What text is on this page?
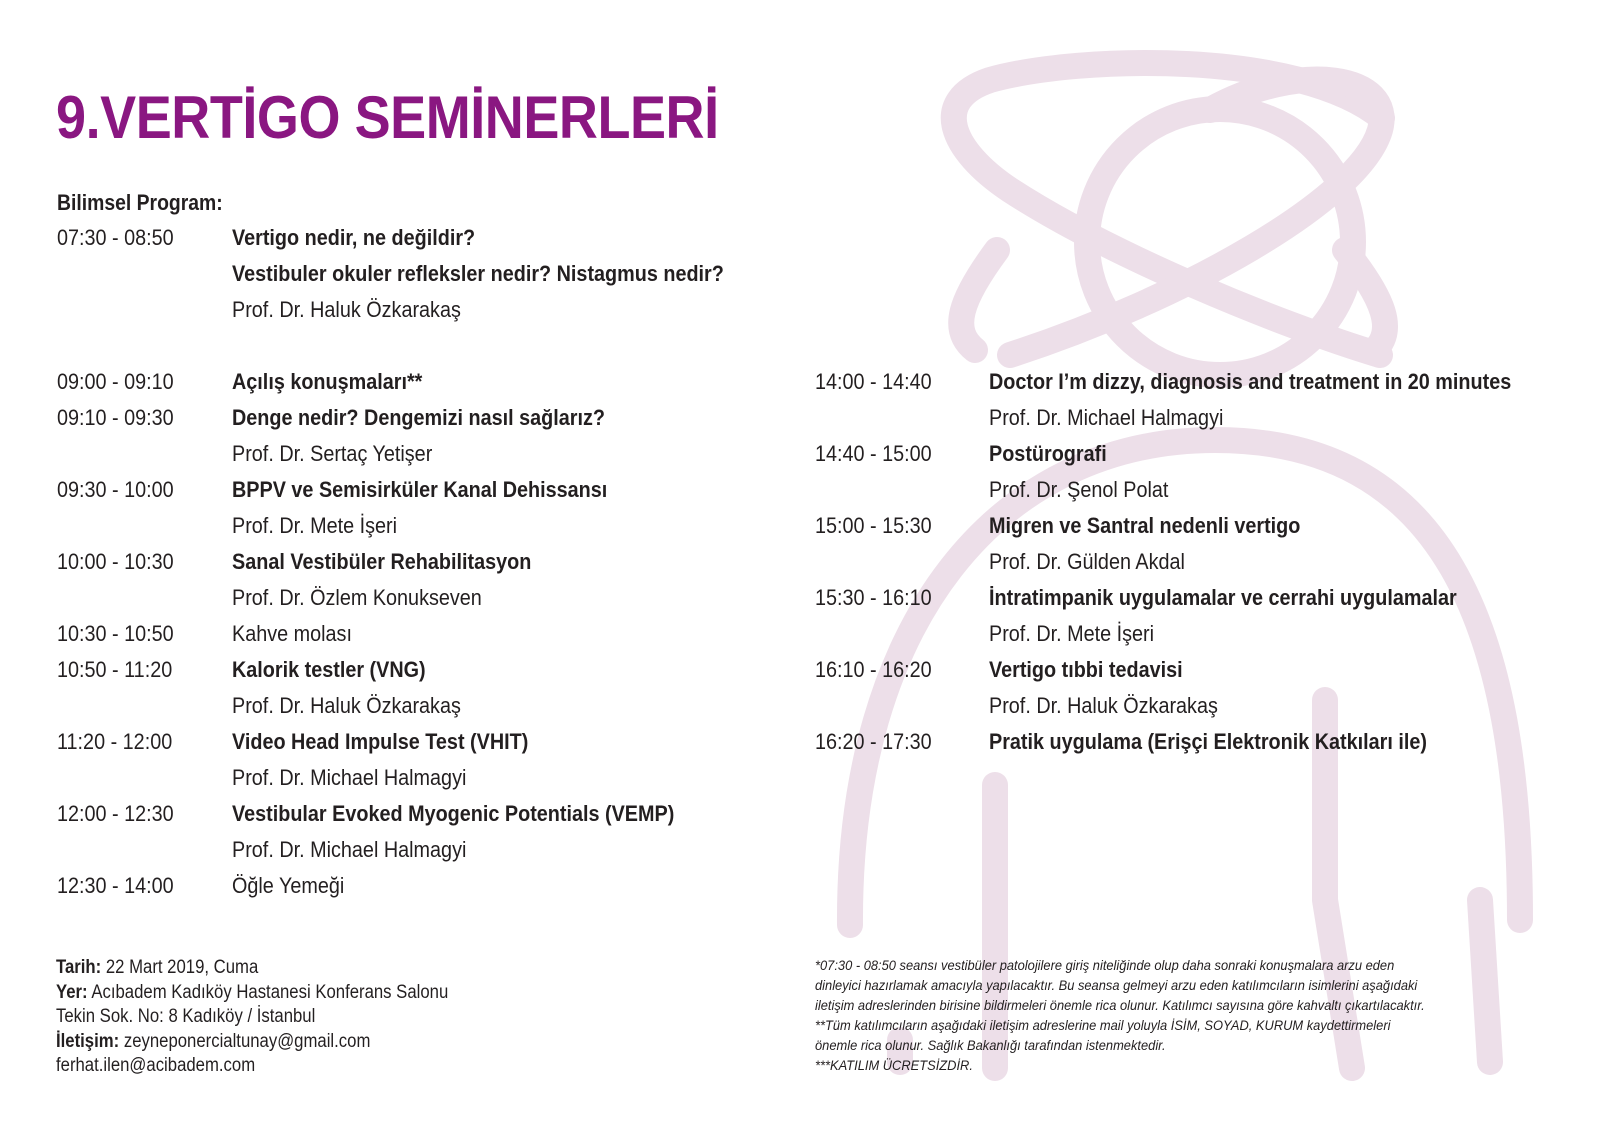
9.VERTİGO SEMİNERLERİ
Bilimsel Program:
07:30 - 08:50	Vertigo nedir, ne değildir?
Vestibuler okuler refleksler nedir? Nistagmus nedir?
Prof. Dr. Haluk Özkarakaş
09:00 - 09:10	Açılış konuşmaları**
09:10 - 09:30	Denge nedir? Dengemizi nasıl sağlarız?
Prof. Dr. Sertaç Yetişer
09:30 - 10:00	BPPV ve Semisirküler Kanal Dehissansı
Prof. Dr. Mete İşeri
10:00 - 10:30	Sanal Vestibüler Rehabilitasyon
Prof. Dr. Özlem Konukseven
10:30 - 10:50	Kahve molası
10:50 - 11:20	Kalorik testler (VNG)
Prof. Dr. Haluk Özkarakaş
11:20 - 12:00	Video Head Impulse Test (VHIT)
Prof. Dr. Michael Halmagyi
12:00 - 12:30	Vestibular Evoked Myogenic Potentials (VEMP)
Prof. Dr. Michael Halmagyi
12:30 - 14:00	Öğle Yemeği
14:00 - 14:40	Doctor I’m dizzy, diagnosis and treatment in 20 minutes
Prof. Dr. Michael Halmagyi
14:40 - 15:00	Postürografi
Prof. Dr. Şenol Polat
15:00 - 15:30	Migren ve Santral nedenli vertigo
Prof. Dr. Gülden Akdal
15:30 - 16:10	İntratimpanik uygulamalar ve cerrahi uygulamalar
Prof. Dr. Mete İşeri
16:10 - 16:20	Vertigo tıbbi tedavisi
Prof. Dr. Haluk Özkarakaş
16:20 - 17:30	Pratik uygulama (Erişçi Elektronik Katkıları ile)
Tarih: 22 Mart 2019, Cuma
Yer: Acıbadem Kadıköy Hastanesi Konferans Salonu
Tekin Sok. No: 8 Kadıköy / İstanbul
İletişim: zeyneponercialtunay@gmail.com
ferhat.ilen@acibadem.com
*07:30 - 08:50 seansı vestibüler patolojilere giriş niteliğinde olup daha sonraki konuşmalara arzu eden
dinleyici hazırlamak amacıyla yapılacaktır. Bu seansa gelmeyi arzu eden katılımcıların isimlerini aşağıdaki
iletişim adreslerinden birisine bildirmeleri önemle rica olunur. Katılımcı sayısına göre kahvaltı çıkartılacaktır.
**Tüm katılımcıların aşağıdaki iletişim adreslerine mail yoluyla İSİM, SOYAD, KURUM kaydettirmeleri
önemle rica olunur. Sağlık Bakanlığı tarafından istenmektedir.
***KATILIM ÜCRETSİZDİR.
